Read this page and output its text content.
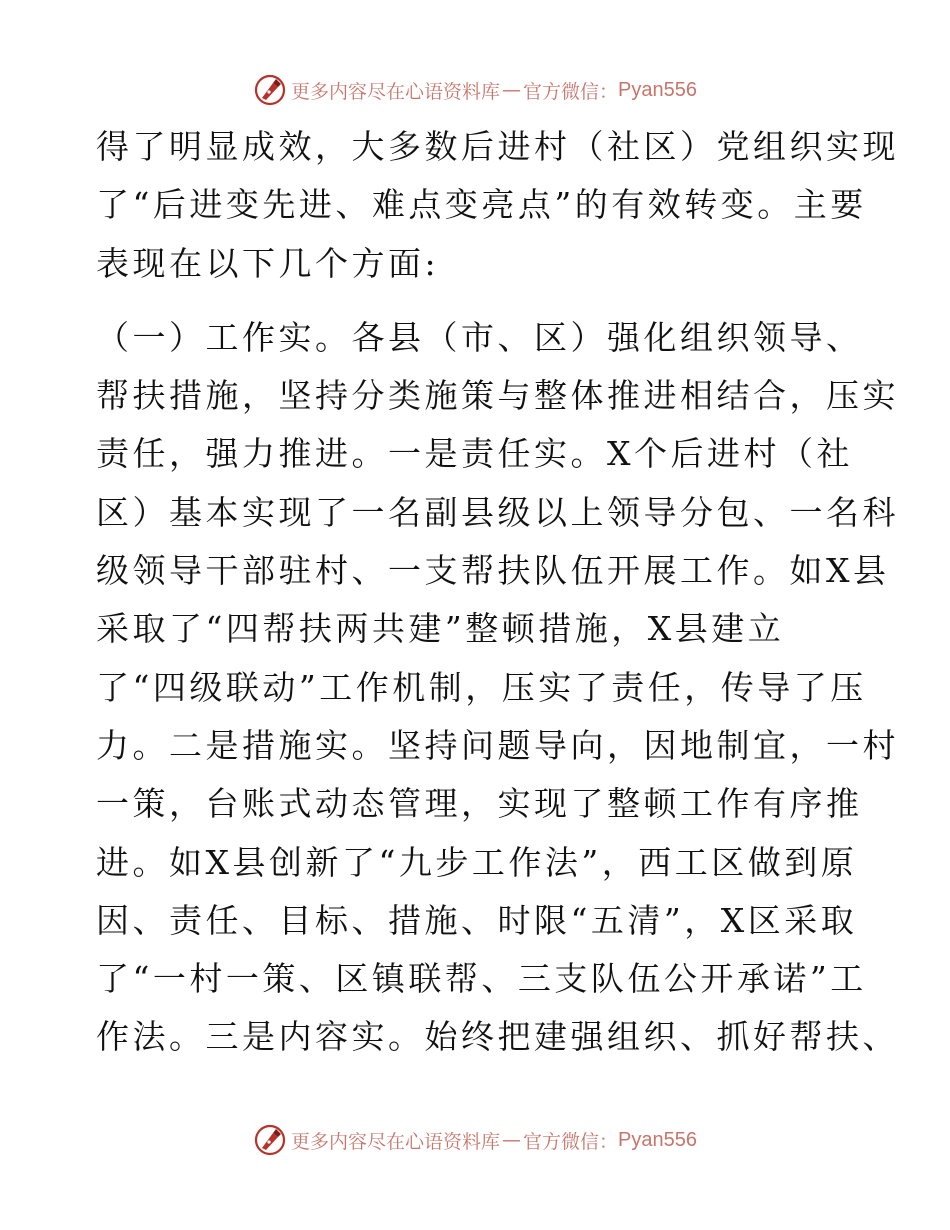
更多内容尽在心语资料库 — 官方微信： Pyan556
得了明显成效，大多数后进村（社区）党组织实现
了“后进变先进、难点变亮点”的有效转变。主要
表现在以下几个方面:
（一）工作实。各县（市、区）强化组织领导、
帮扶措施，坚持分类施策与整体推进相结合，压实
责任，强力推进。一是责任实。X个后进村（社
区）基本实现了一名副县级以上领导分包、一名科
级领导干部驻村、一支帮扶队伍开展工作。如X县
采取了“四帮扶两共建”整顿措施，X县建立
了“四级联动”工作机制，压实了责任，传导了压
力。二是措施实。坚持问题导向，因地制宜，一村
一策，台账式动态管理，实现了整顿工作有序推
进。如X县创新了“九步工作法”，西工区做到原
因、责任、目标、措施、时限“五清”，X区采取
了“一村一策、区镇联帮、三支队伍公开承诺”工
作法。三是内容实。始终把建强组织、抓好帮扶、
更多内容尽在心语资料库 — 官方微信： Pyan556
